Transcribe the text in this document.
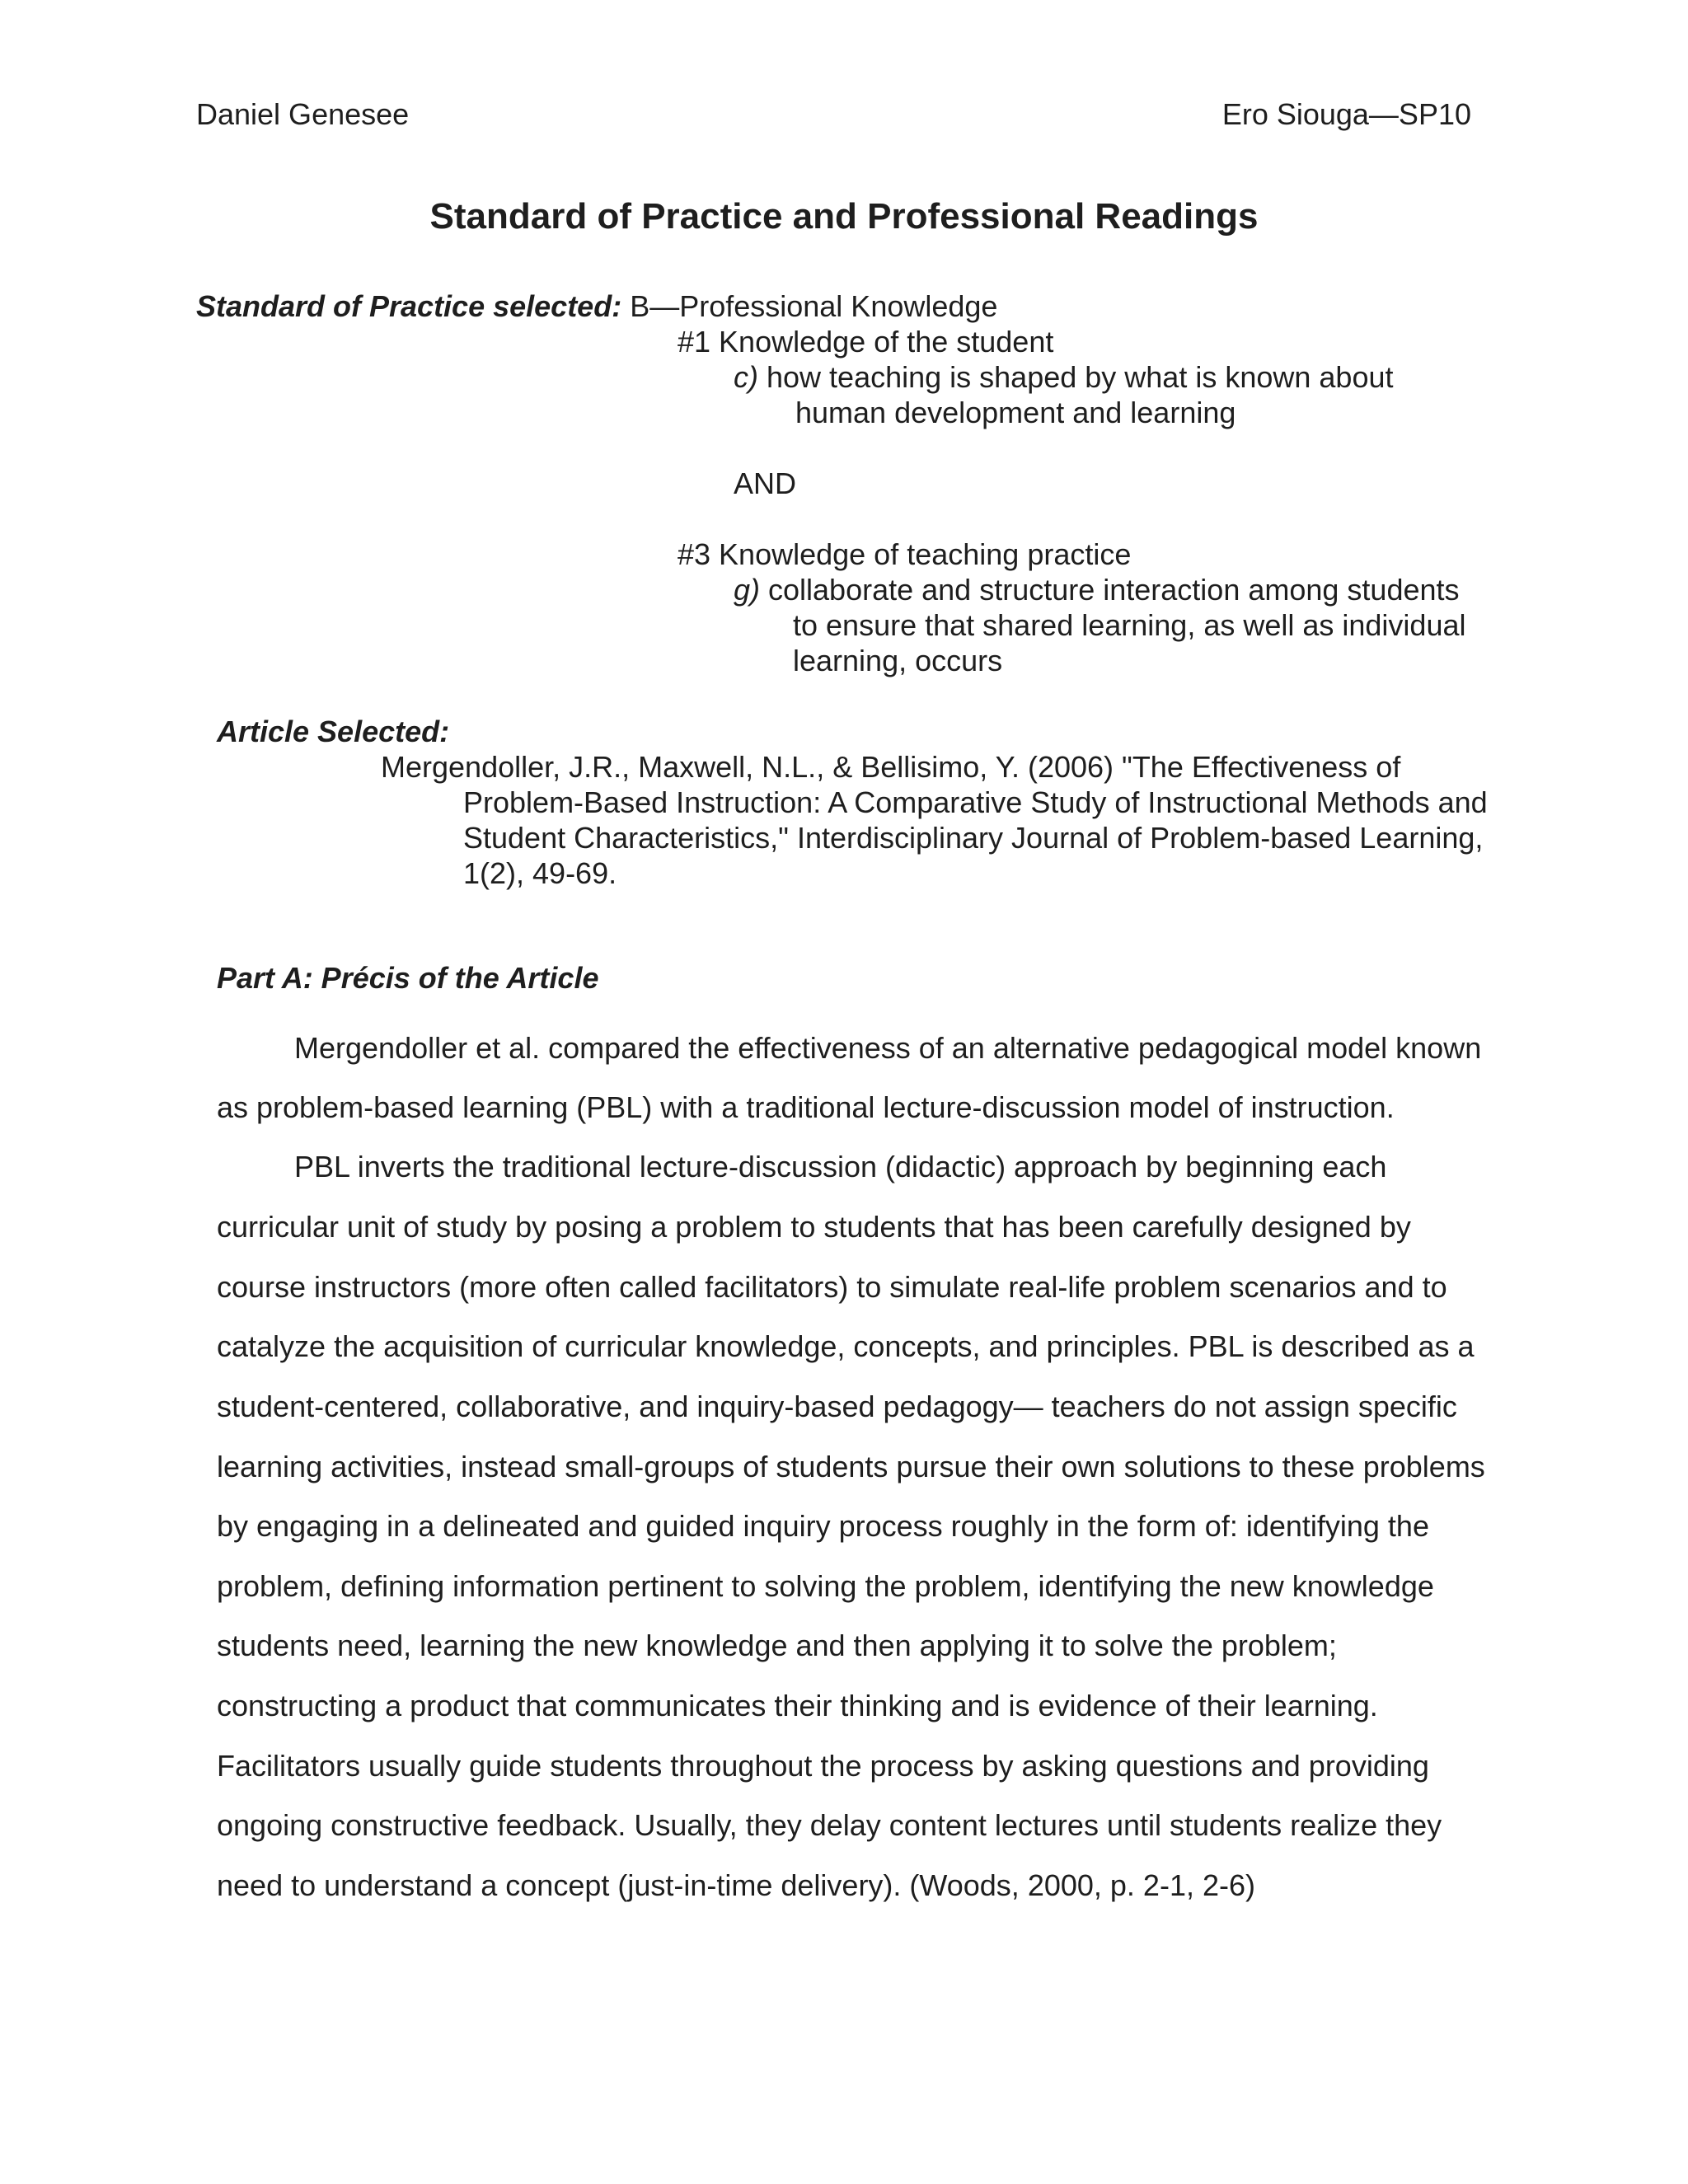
Daniel Genesee	Ero Siouga—SP10
Standard of Practice and Professional Readings
Standard of Practice selected: B—Professional Knowledge
#1 Knowledge of the student
c) how teaching is shaped by what is known about
human development and learning
AND
#3 Knowledge of teaching practice
g) collaborate and structure interaction among students
to ensure that shared learning, as well as individual
learning, occurs
Article Selected:
Mergendoller, J.R., Maxwell, N.L., & Bellisimo, Y. (2006) "The Effectiveness of
Problem-Based Instruction: A Comparative Study of Instructional Methods and
Student Characteristics," Interdisciplinary Journal of Problem-based Learning,
1(2), 49-69.
Part A: Précis of the Article
Mergendoller et al. compared the effectiveness of an alternative pedagogical model known
as problem-based learning (PBL) with a traditional lecture-discussion model of instruction.
PBL inverts the traditional lecture-discussion (didactic) approach by beginning each
curricular unit of study by posing a problem to students that has been carefully designed by
course instructors (more often called facilitators) to simulate real-life problem scenarios and to
catalyze the acquisition of curricular knowledge, concepts, and principles. PBL is described as a
student-centered, collaborative, and inquiry-based pedagogy— teachers do not assign specific
learning activities, instead small-groups of students pursue their own solutions to these problems
by engaging in a delineated and guided inquiry process roughly in the form of: identifying the
problem, defining information pertinent to solving the problem, identifying the new knowledge
students need, learning the new knowledge and then applying it to solve the problem;
constructing a product that communicates their thinking and is evidence of their learning.
Facilitators usually guide students throughout the process by asking questions and providing
ongoing constructive feedback. Usually, they delay content lectures until students realize they
need to understand a concept (just-in-time delivery). (Woods, 2000, p. 2-1, 2-6)
